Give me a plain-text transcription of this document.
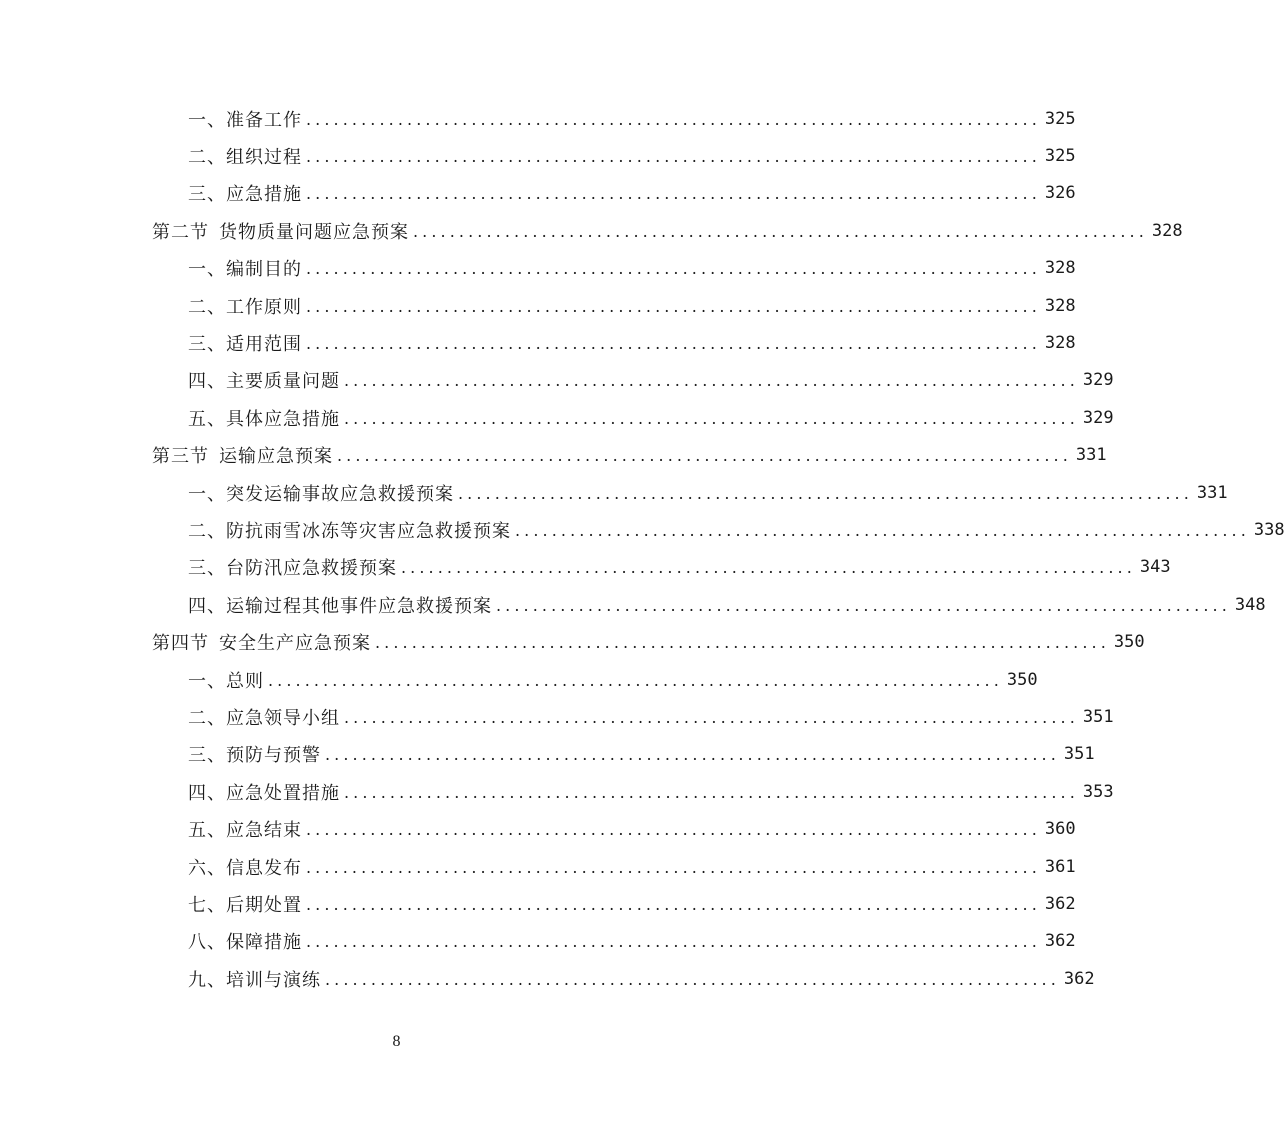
一、 准备工作 ................................................................................ 325
二、 组织过程 ................................................................................ 325
三、 应急措施 ................................................................................ 326
第二节 货物质量问题应急预案 ................................................................................ 328
一、 编制目的 ................................................................................ 328
二、 工作原则 ................................................................................ 328
三、 适用范围 ................................................................................ 328
四、 主要质量问题 ................................................................................ 329
五、 具体应急措施 ................................................................................ 329
第三节 运输应急预案 ................................................................................ 331
一、 突发运输事故应急救援预案 ................................................................................ 331
二、 防抗雨雪冰冻等灾害应急救援预案 ................................................................................ 338
三、 台防汛应急救援预案 ................................................................................ 343
四、 运输过程其他事件应急救援预案 ................................................................................ 348
第四节 安全生产应急预案 ................................................................................ 350
一、 总则 ................................................................................ 350
二、 应急领导小组 ................................................................................ 351
三、 预防与预警 ................................................................................ 351
四、 应急处置措施 ................................................................................ 353
五、 应急结束 ................................................................................ 360
六、 信息发布 ................................................................................ 361
七、 后期处置 ................................................................................ 362
八、 保障措施 ................................................................................ 362
九、 培训与演练 ................................................................................ 362
8
